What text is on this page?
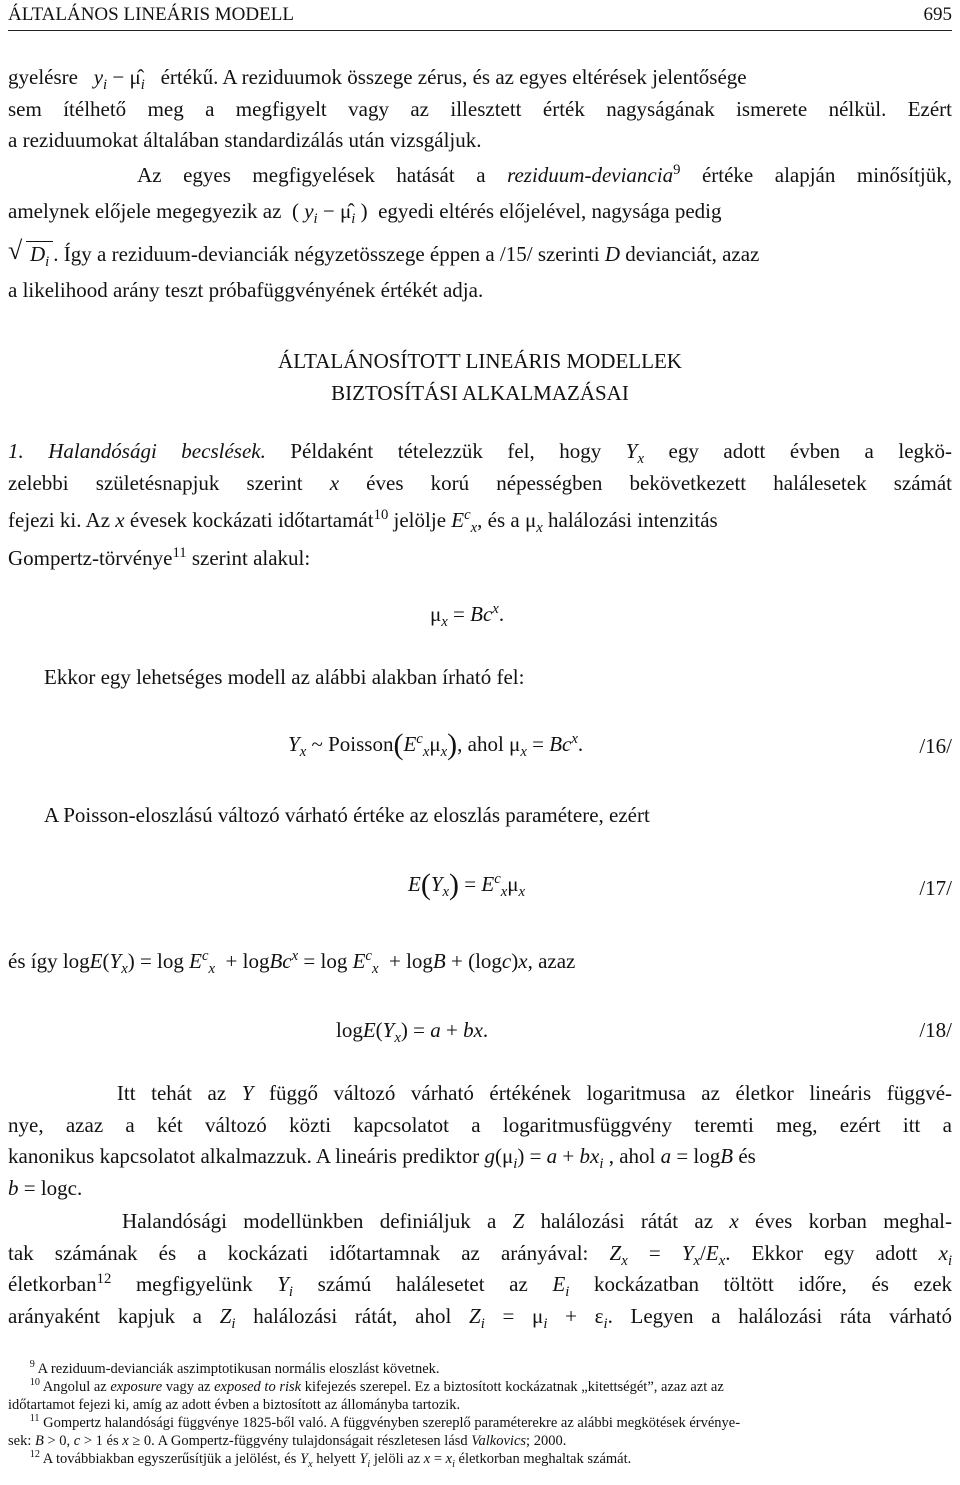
ÁLTALÁNOS LINEÁRIS MODELL	695
gyelésre $y_i$ − $\mû_i$ értékű. A reziduumok összege zérus, és az egyes eltérések jelentősége
sem ítélhető meg a megfigyelt vagy az illesztett érték nagyságának ismerete nélkül. Ezért
a reziduumokat általában standardizálás után vizsgáljuk.
Az egyes megfigyelések hatását a reziduum-deviancia$^9$ értéke alapján minősítjük,
amelynek előjele megegyezik az  ( $y_i$ − $\mû_i$ )  egyedi eltérés előjelével, nagysága pedig
√ $D_i$ . Így a reziduum-devianciák négyzetösszege éppen a /15/ szerinti D devianciát, azaz
a likelihood arány teszt próbafüggvényének értékét adja.
ÁLTALÁNOSÍTOTT LINEÁRIS MODELLEK
BIZTOSÍTÁSI ALKALMAZÁSAI
1. Halandósági becslések. Példaként tételezzük fel, hogy $Y_x$ egy adott évben a legkö-
zelebbi születésnapjuk szerint x éves korú népességben bekövetkezett halálesetek számát
fejezi ki. Az x évesek kockázati időtartamát$^{10}$ jelölje $E^c_x$, és a $\mu_x$ halálozási intenzitás
Gompertz-törvénye$^{11}$ szerint alakul:
$\mu_x = Bc^x$.
Ekkor egy lehetséges modell az alábbi alakban írható fel:
$Y_x$ ~ $Poisson(E^c_x\mu_x)$, ahol $\mu_x = Bc^x$.	/16/
A Poisson-eloszlású változó várható értéke az eloszlás paramétere, ezért
$E(Y_x) = E^c_x\mu_x$	/17/
és így $\log E(Y_x) = \log E^c_x$ + logBc$^x$ = $\log E^c_x + \log B + (\log c)x$, azaz
$\log E(Y_x) = a$ + bx.	/18/
Itt tehát az Y függő változó várható értékének logaritmusa az életkor lineáris függvé-
nye, azaz a két változó közti kapcsolatot a logaritmusfüggvény teremti meg, ezért itt a
kanonikus kapcsolatot alkalmazzuk. A lineáris prediktor $g(\mu_i) = a + bx_i$ , ahol a = logB és
b = logc.
Halandósági modellünkben definiáljuk a Z halálozási rátát az x éves korban meghal-
tak számának és a kockázati időtartamnak az arányával: $Z_x = Y_x/E_x$. Ekkor egy adott $x_i$
életkorban$^{12}$ megfigyelünk $Y_i$ számú halálesetet az $E_i$ kockázatban töltött időre, és ezek
arányaként kapjuk a $Z_i$ halálozási rátát, ahol $Z_i = \mu_i + \varepsilon_i$. Legyen a halálozási ráta várható
$^9$ A reziduum-devianciák aszimptotikusan normális eloszlást követnek.
$^{10}$ Angolul az exposure vagy az exposed to risk kifejezés szerepel. Ez a biztosított kockázatnak „kitettségét”, azaz azt az
időtartamot fejezi ki, amíg az adott évben a biztosított az állományba tartozik.
$^{11}$ Gompertz halandósági függvénye 1825-ből való. A függvényben szereplő paraméterekre az alábbi megkötések érvénye-
sek: B > 0, c > 1 és x ≥ 0. A Gompertz-függvény tulajdonságait részletesen lásd Valkovics; 2000.
$^{12}$ A továbbiakban egyszerűsítjük a jelölést, és $Y_x$ helyett $Y_i$ jelöli az $x = x_i$ életkorban meghaltak számát.
